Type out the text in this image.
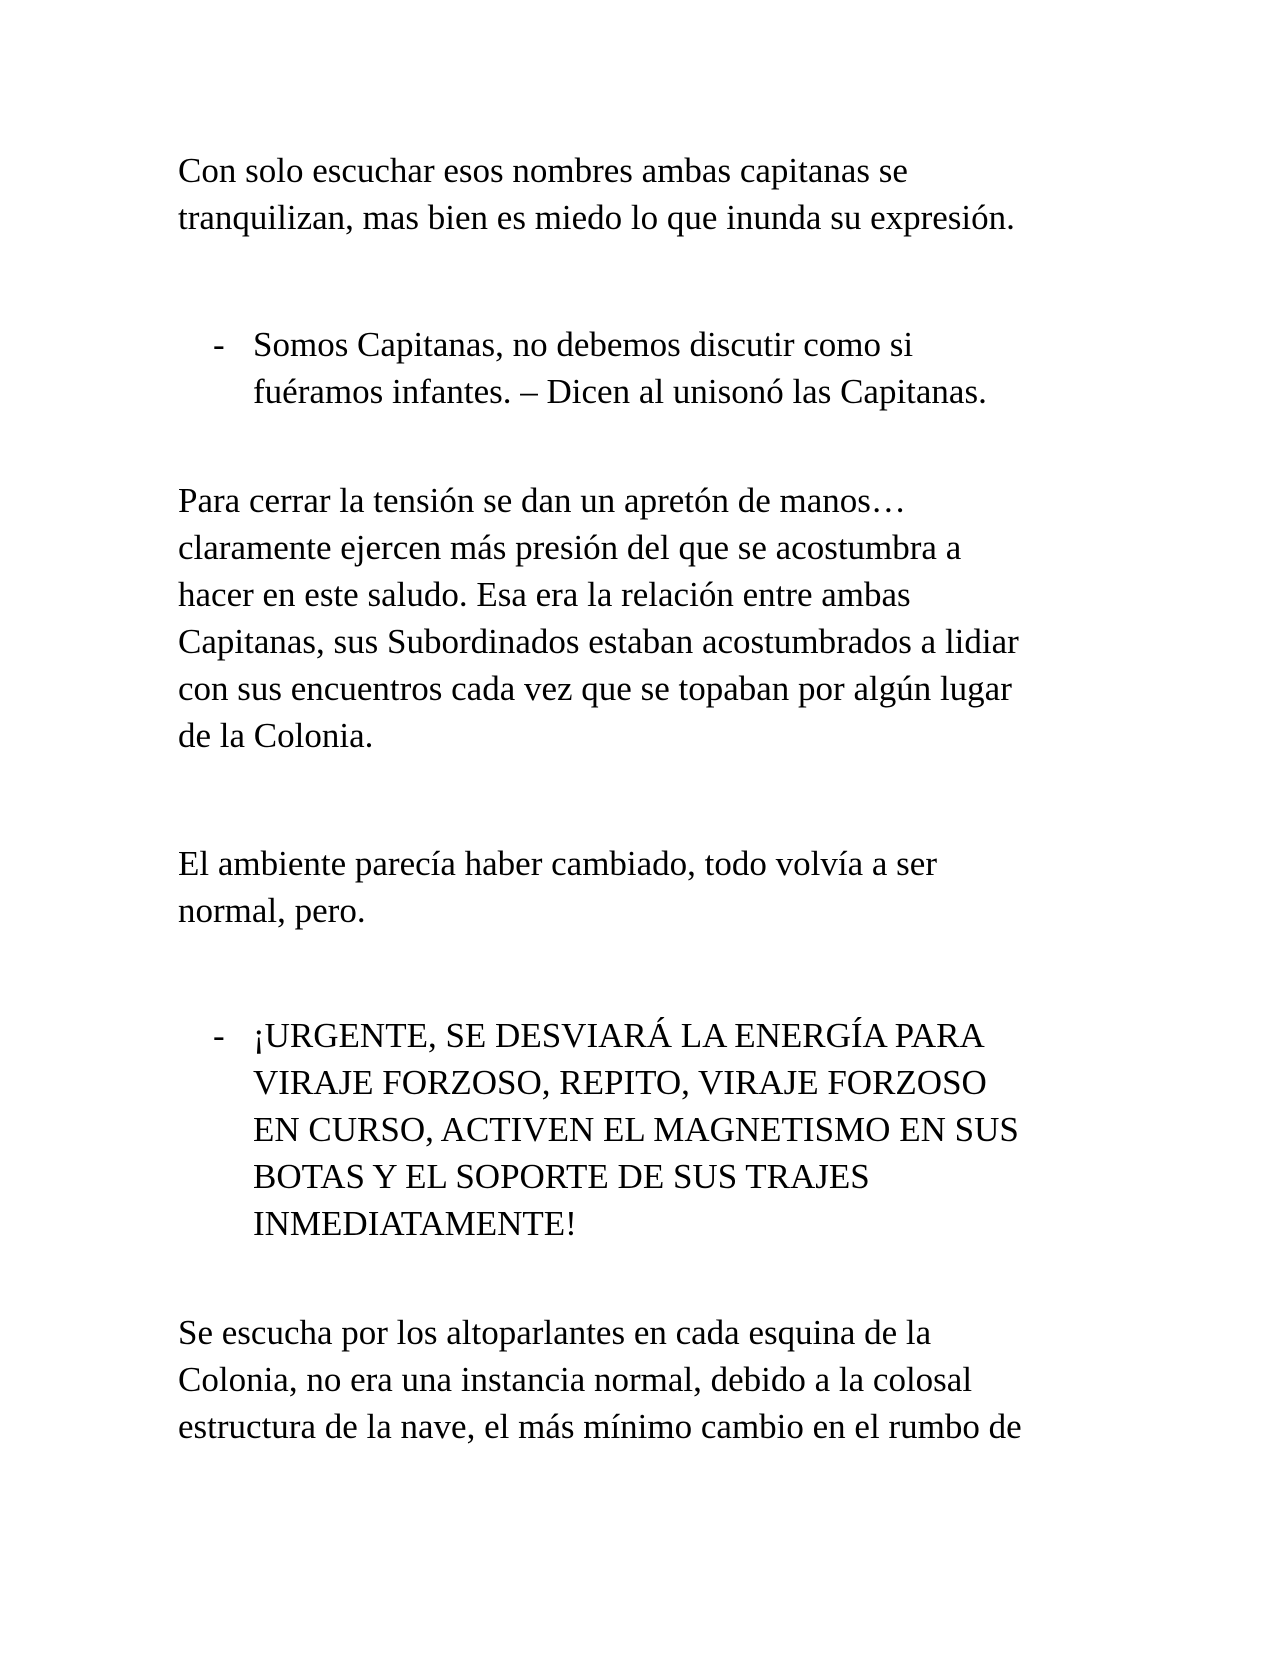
Con solo escuchar esos nombres ambas capitanas se

tranquilizan, mas bien es miedo lo que inunda su expresión.

- Somos Capitanas, no debemos discutir como si

fuéramos infantes. – Dicen al unisonó las Capitanas.

Para cerrar la tensión se dan un apretón de manos…

claramente ejercen más presión del que se acostumbra a

hacer en este saludo. Esa era la relación entre ambas

Capitanas, sus Subordinados estaban acostumbrados a lidiar

con sus encuentros cada vez que se topaban por algún lugar

de la Colonia.

El ambiente parecía haber cambiado, todo volvía a ser

normal, pero.

- ¡URGENTE, SE DESVIARÁ LA ENERGÍA PARA

VIRAJE FORZOSO, REPITO, VIRAJE FORZOSO

EN CURSO, ACTIVEN EL MAGNETISMO EN SUS

BOTAS Y EL SOPORTE DE SUS TRAJES

INMEDIATAMENTE!

Se escucha por los altoparlantes en cada esquina de la

Colonia, no era una instancia normal, debido a la colosal

estructura de la nave, el más mínimo cambio en el rumbo de
